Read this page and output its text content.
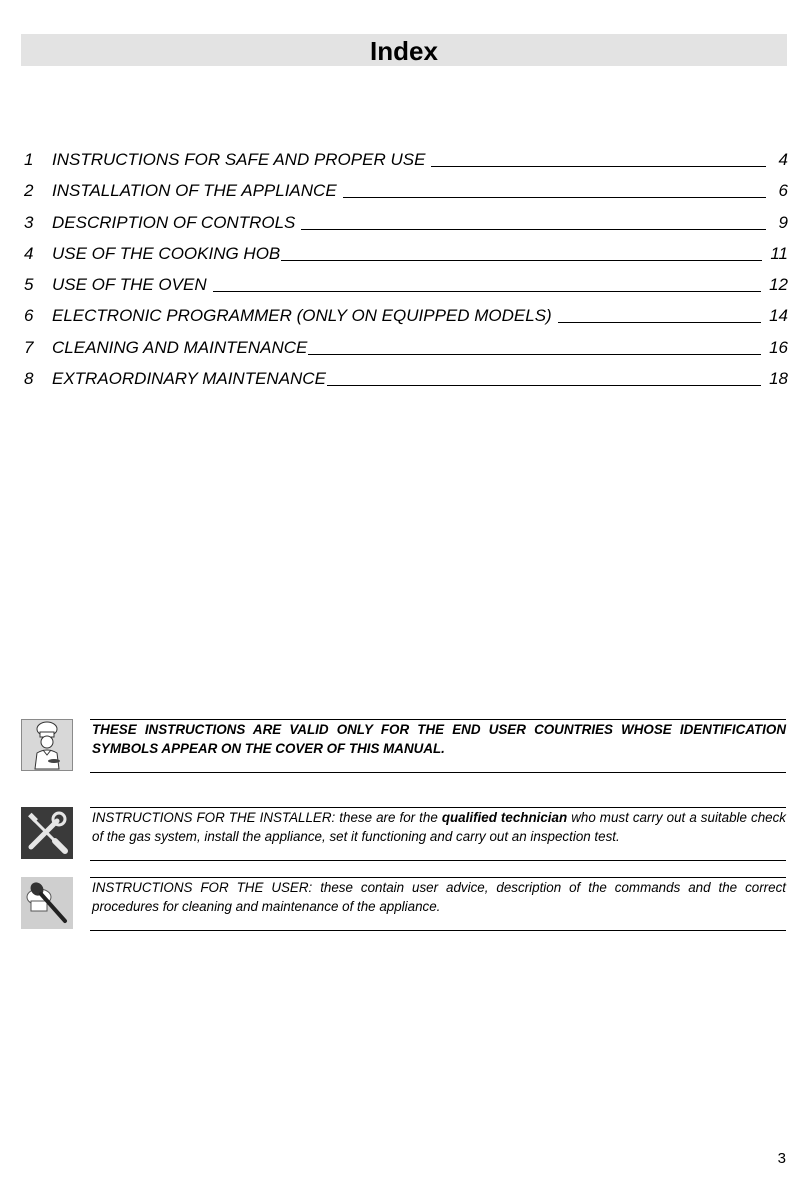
Index
1	INSTRUCTIONS FOR SAFE AND PROPER USE	4
2	INSTALLATION OF THE APPLIANCE	6
3	DESCRIPTION OF CONTROLS	9
4	USE OF THE COOKING HOB	11
5	USE OF THE OVEN	12
6	ELECTRONIC PROGRAMMER (ONLY ON EQUIPPED MODELS)	14
7	CLEANING AND MAINTENANCE	16
8	EXTRAORDINARY MAINTENANCE	18
THESE INSTRUCTIONS ARE VALID ONLY FOR THE END USER COUNTRIES WHOSE IDENTIFICATION SYMBOLS APPEAR ON THE COVER OF THIS MANUAL.
INSTRUCTIONS FOR THE INSTALLER: these are for the qualified technician who must carry out a suitable check of the gas system, install the appliance, set it functioning and carry out an inspection test.
INSTRUCTIONS FOR THE USER: these contain user advice, description of the commands and the correct procedures for cleaning and maintenance of the appliance.
3
